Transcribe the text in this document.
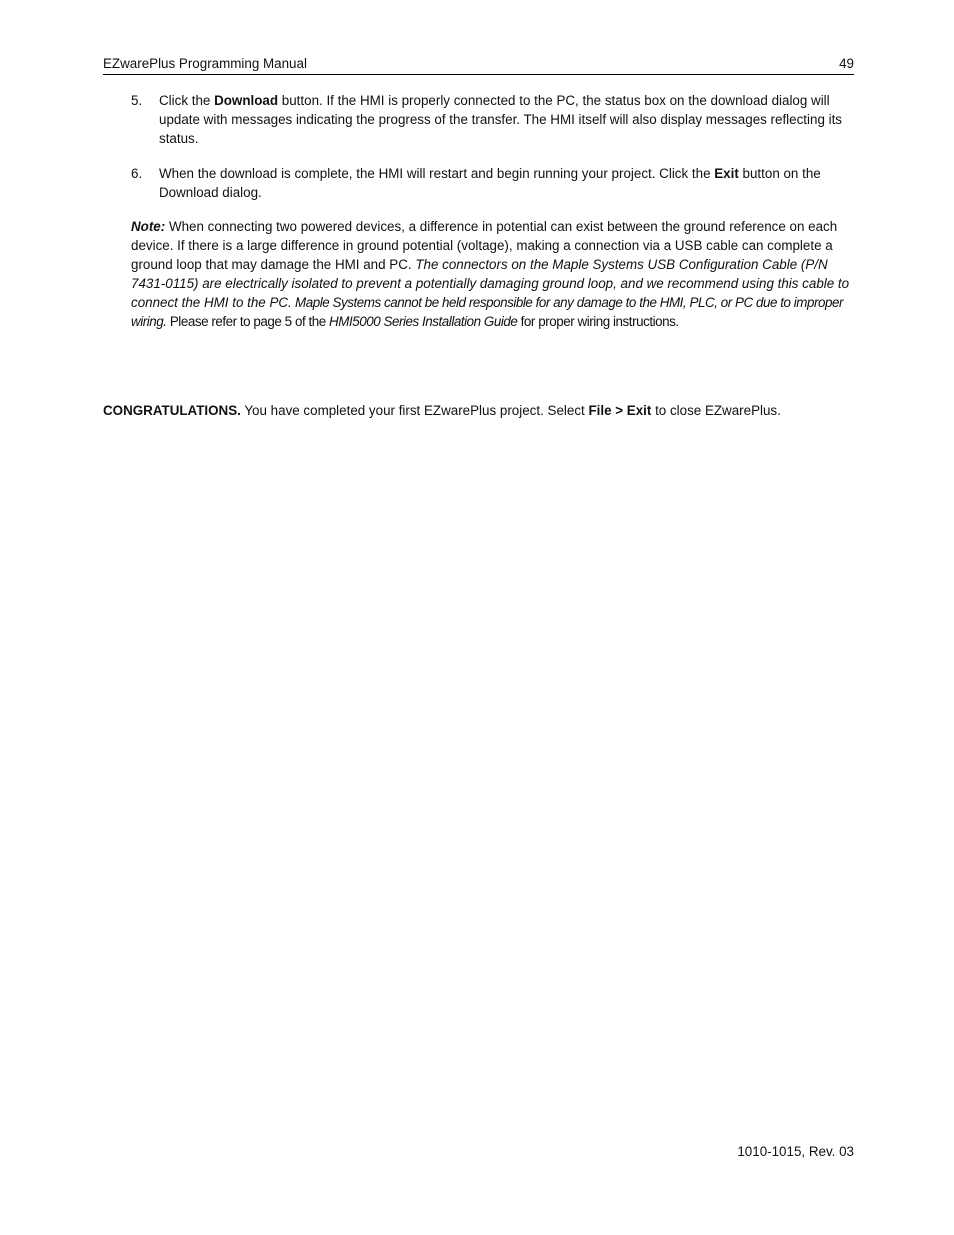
EZwarePlus Programming Manual	49
5. Click the Download button. If the HMI is properly connected to the PC, the status box on the download dialog will update with messages indicating the progress of the transfer. The HMI itself will also display messages reflecting its status.
6. When the download is complete, the HMI will restart and begin running your project. Click the Exit button on the Download dialog.
Note: When connecting two powered devices, a difference in potential can exist between the ground reference on each device. If there is a large difference in ground potential (voltage), making a connection via a USB cable can complete a ground loop that may damage the HMI and PC. The connectors on the Maple Systems USB Configuration Cable (P/N 7431-0115) are electrically isolated to prevent a potentially damaging ground loop, and we recommend using this cable to connect the HMI to the PC. Maple Systems cannot be held responsible for any damage to the HMI, PLC, or PC due to improper wiring. Please refer to page 5 of the HMI5000 Series Installation Guide for proper wiring instructions.
CONGRATULATIONS. You have completed your first EZwarePlus project. Select File > Exit to close EZwarePlus.
1010-1015, Rev. 03
